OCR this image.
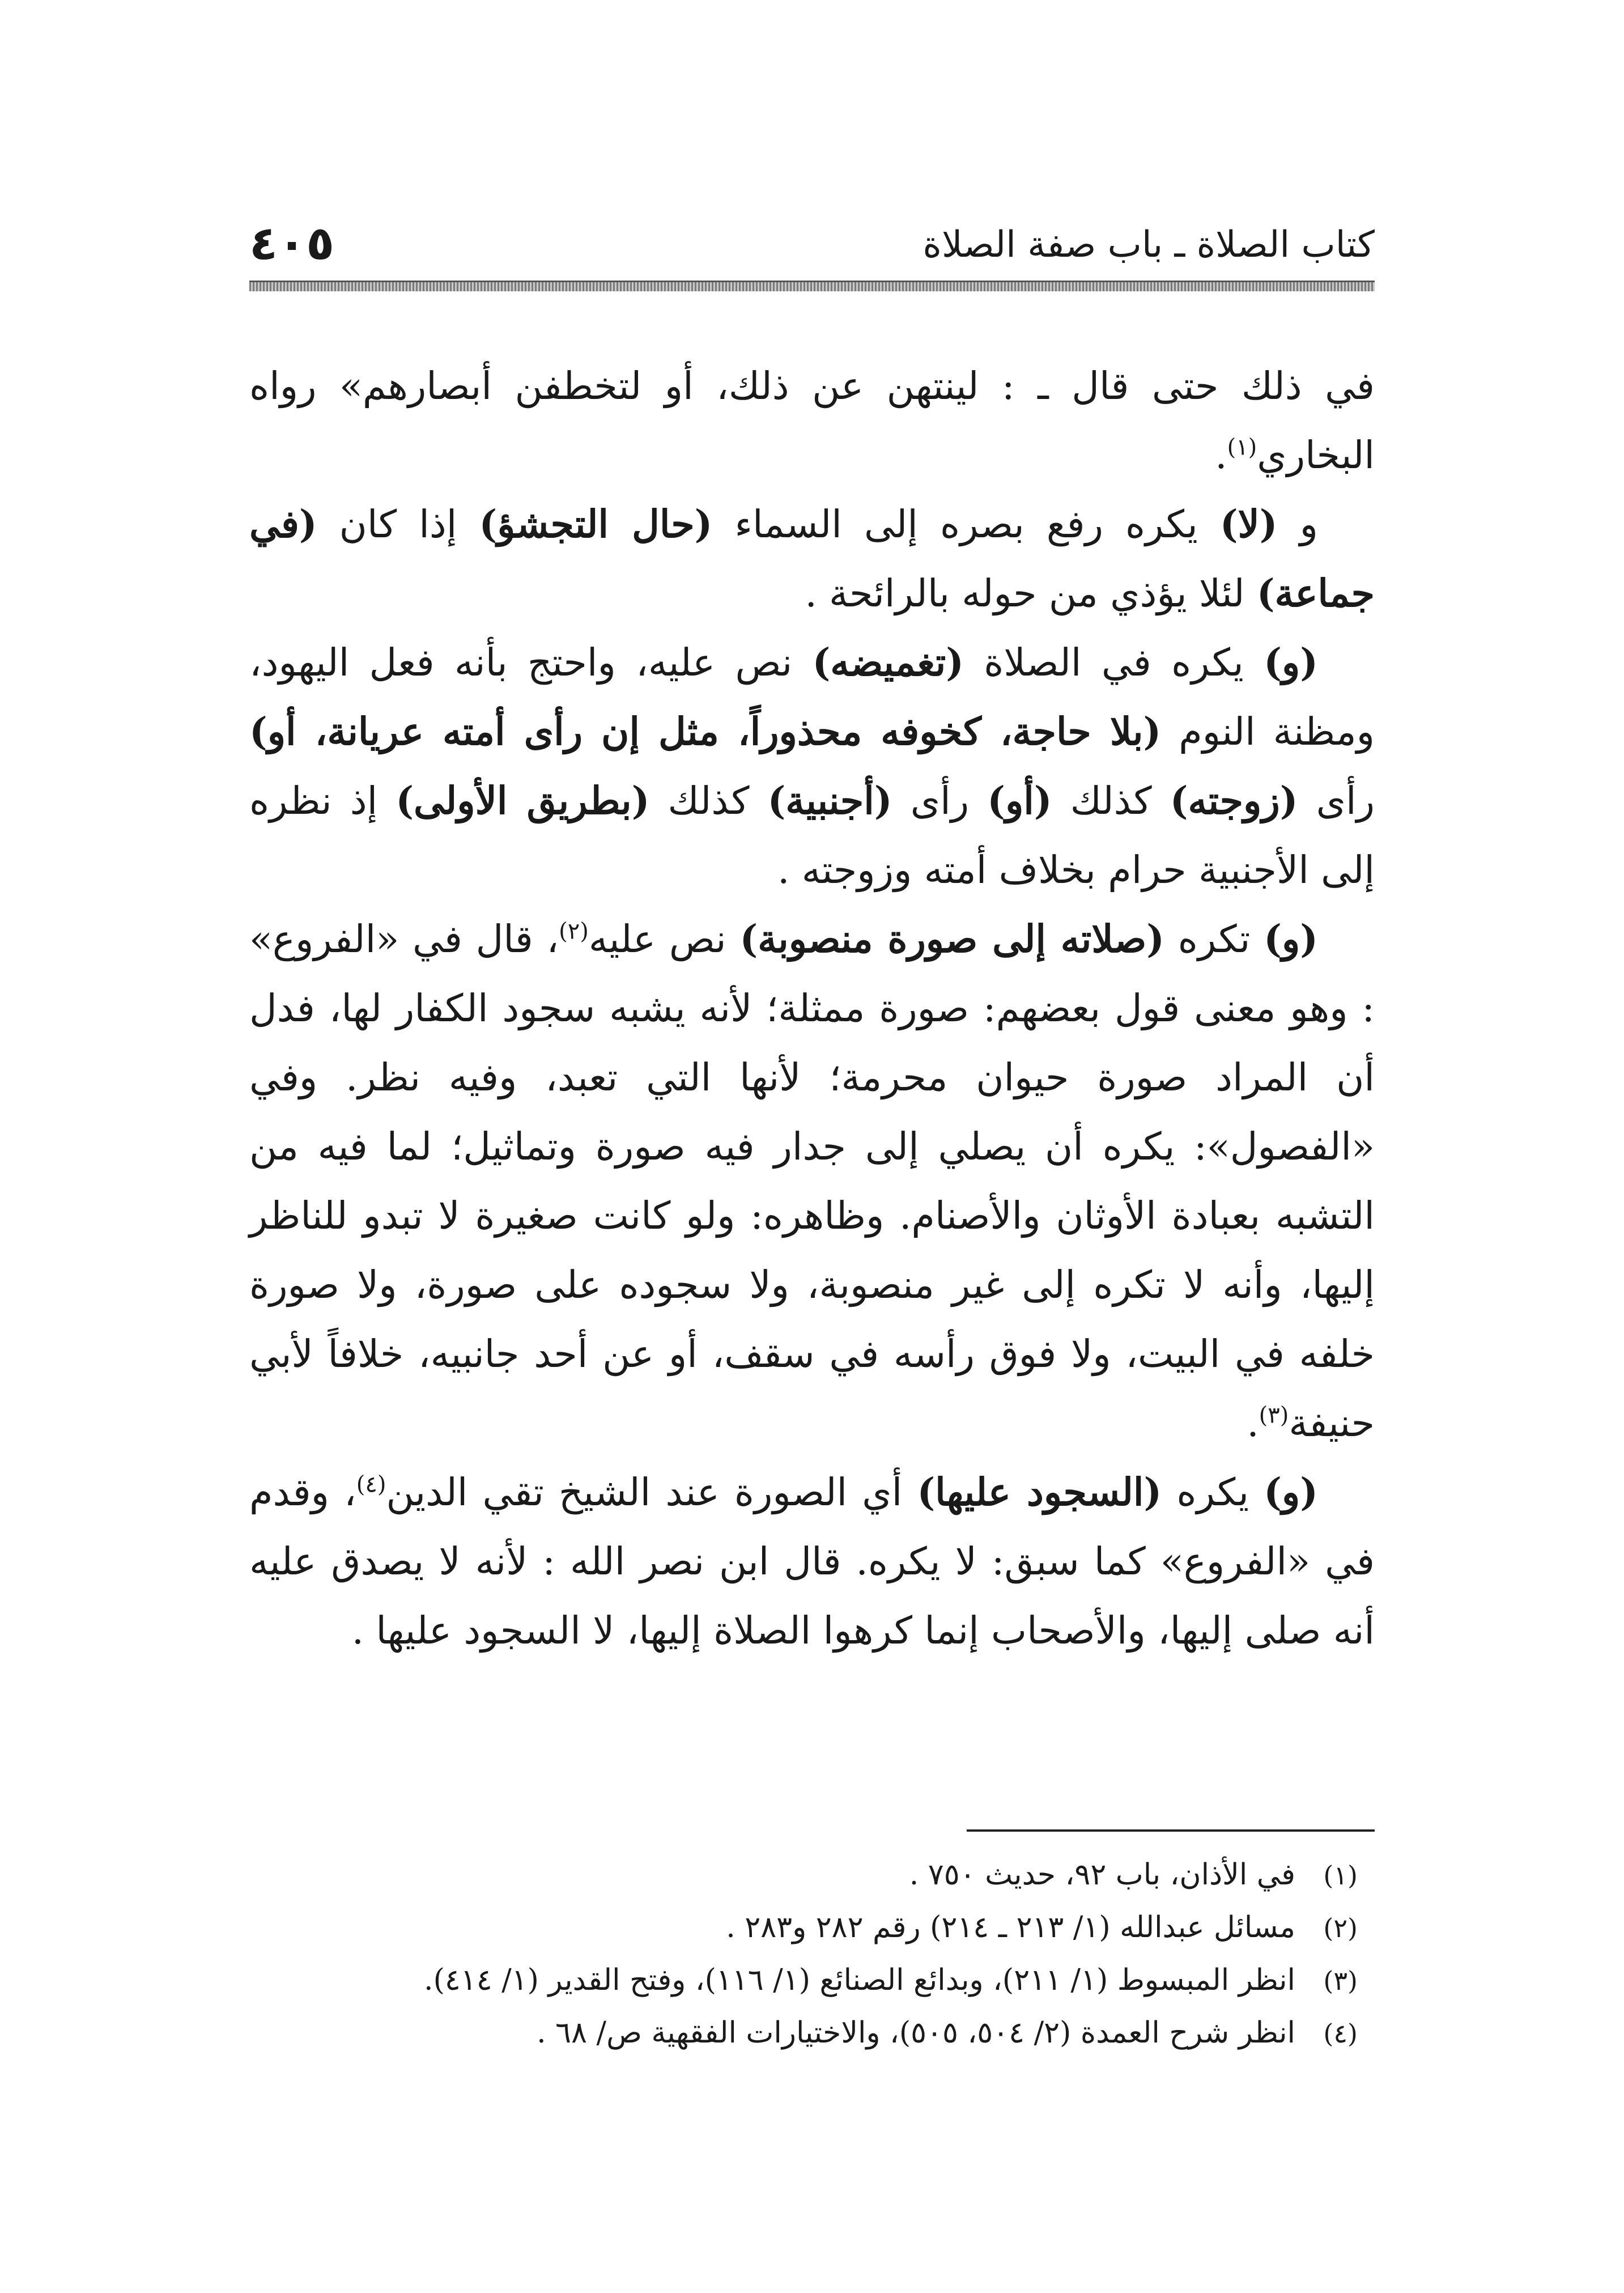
كتاب الصلاة ـ باب صفة الصلاة
٤٠٥

في ذلك حتى قال ـ : لينتهن عن ذلك، أو لتخطفن أبصارهم» رواه البخاري$^{(١)}$.

و (لا) يكره رفع بصره إلى السماء (حال التجشؤ) إذا كان (في جماعة) لئلا يؤذي من حوله بالرائحة .

(و) يكره في الصلاة (تغميضه) نص عليه، واحتج بأنه فعل اليهود، ومظنة النوم (بلا حاجة، كخوفه محذوراً، مثل إن رأى أمته عريانة، أو) رأى (زوجته) كذلك (أو) رأى (أجنبية) كذلك (بطريق الأولى) إذ نظره إلى الأجنبية حرام بخلاف أمته وزوجته .

(و) تكره (صلاته إلى صورة منصوبة) نص عليه$^{(٢)}$، قال في «الفروع» : وهو معنى قول بعضهم: صورة ممثلة؛ لأنه يشبه سجود الكفار لها، فدل أن المراد صورة حيوان محرمة؛ لأنها التي تعبد، وفيه نظر. وفي «الفصول»: يكره أن يصلي إلى جدار فيه صورة وتماثيل؛ لما فيه من التشبه بعبادة الأوثان والأصنام. وظاهره: ولو كانت صغيرة لا تبدو للناظر إليها، وأنه لا تكره إلى غير منصوبة، ولا سجوده على صورة، ولا صورة خلفه في البيت، ولا فوق رأسه في سقف، أو عن أحد جانبيه، خلافاً لأبي حنيفة$^{(٣)}$.

(و) يكره (السجود عليها) أي الصورة عند الشيخ تقي الدين$^{(٤)}$، وقدم في «الفروع» كما سبق: لا يكره. قال ابن نصر الله : لأنه لا يصدق عليه أنه صلى إليها، والأصحاب إنما كرهوا الصلاة إليها، لا السجود عليها .

(١)
في الأذان، باب ٩٢، حديث ٧٥٠ .
(٢)
مسائل عبدالله (١/ ٢١٣ ـ ٢١٤) رقم ٢٨٢ و٢٨٣ .
(٣)
انظر المبسوط (١/ ٢١١)، وبدائع الصنائع (١/ ١١٦)، وفتح القدير (١/ ٤١٤).
(٤)
انظر شرح العمدة (٢/ ٥٠٤، ٥٠٥)، والاختيارات الفقهية ص/ ٦٨ .
